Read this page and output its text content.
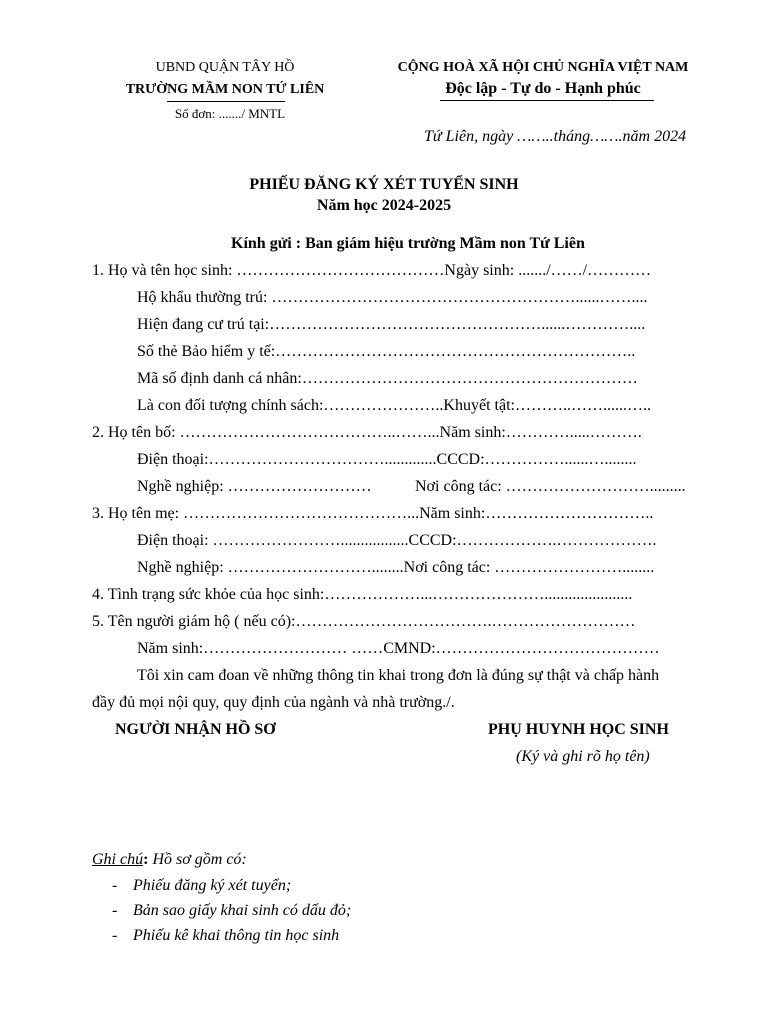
UBND QUẬN TÂY HỒ
TRƯỜNG MẦM NON TỨ LIÊN
Số đơn: ......./ MNTL
CỘNG HOÀ XÃ HỘI CHỦ NGHĨA VIỆT NAM
Độc lập - Tự do - Hạnh phúc
Tứ Liên, ngày ……..tháng…….năm 2024
PHIẾU ĐĂNG KÝ XÉT TUYỂN SINH
Năm học 2024-2025
Kính gửi : Ban giám hiệu trường Mầm non Tứ Liên
1. Họ và tên học sinh: …………………………………Ngày sinh: ......./……/…………
Hộ khẩu thường trú: …………………………………………………......……....
Hiện đang cư trú tại:……………………………………………......…………....
Số thẻ Bảo hiểm y tế:…………………………………………………………..
Mã số định danh cá nhân:………………………………………………………
Là con đối tượng chính sách:…………………..Khuyết tật:………..……......…..
2. Họ tên bố: …………………………………..……...Năm sinh:………….....……….
Điện thoại:…………………………….............CCCD:……………......…........
Nghề nghiệp: ………………………	Nơi công tác: ……………………….........
3. Họ tên mẹ: ……………………………………...Năm sinh:…………………………..
Điện thoại: …………………….................CCCD:……………….……………….
Nghề nghiệp: ………………………........Nơi công tác: ……………………........
4. Tình trạng sức khỏe của học sinh:………………...…………………......................
5. Tên người giám hộ ( nếu có):……………………………….………………………
Năm sinh:……………………… ……CMND:……………………………………
Tôi xin cam đoan về những thông tin khai trong đơn là đúng sự thật và chấp hành
đầy đủ mọi nội quy, quy định của ngành và nhà trường./.
NGƯỜI NHẬN HỒ SƠ	PHỤ HUYNH HỌC SINH
(Ký và ghi rõ họ tên)
Ghi chú: Hồ sơ gồm có:
- Phiếu đăng ký xét tuyển;
- Bản sao giấy khai sinh có dấu đỏ;
- Phiếu kê khai thông tin học sinh
